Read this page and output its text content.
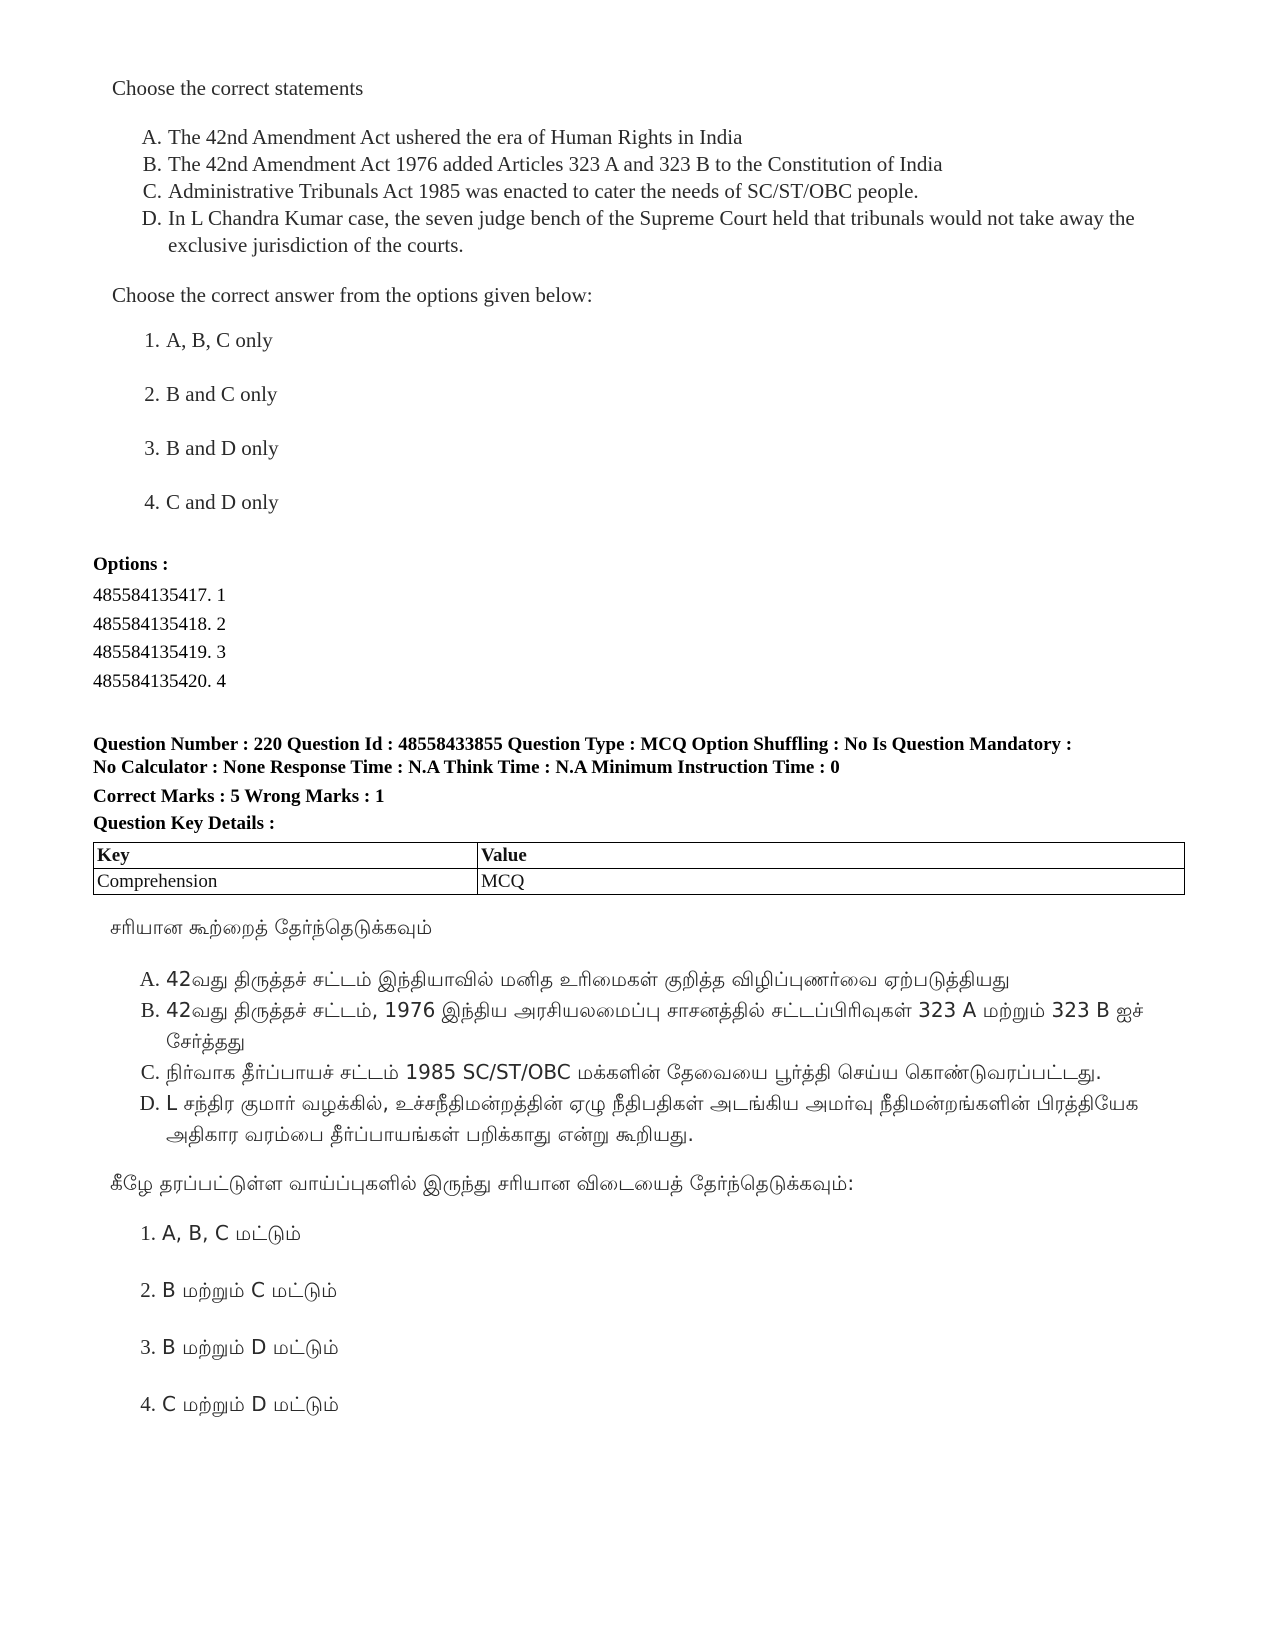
Choose the correct statements
A. The 42nd Amendment Act ushered the era of Human Rights in India
B. The 42nd Amendment Act 1976 added Articles 323 A and 323 B to the Constitution of India
C. Administrative Tribunals Act 1985 was enacted to cater the needs of SC/ST/OBC people.
D. In L Chandra Kumar case, the seven judge bench of the Supreme Court held that tribunals would not take away the exclusive jurisdiction of the courts.
Choose the correct answer from the options given below:
1. A, B, C only
2. B and C only
3. B and D only
4. C and D only
Options :
485584135417. 1
485584135418. 2
485584135419. 3
485584135420. 4
Question Number : 220 Question Id : 48558433855 Question Type : MCQ Option Shuffling : No Is Question Mandatory :
No Calculator : None Response Time : N.A Think Time : N.A Minimum Instruction Time : 0
Correct Marks : 5 Wrong Marks : 1
Question Key Details :
Key	Value
Comprehension	MCQ
சரியான கூற்றைத் தேர்ந்தெடுக்கவும்
A. 42வது திருத்தச் சட்டம் இந்தியாவில் மனித உரிமைகள் குறித்த விழிப்புணர்வை ஏற்படுத்தியது
B. 42வது திருத்தச் சட்டம், 1976 இந்திய அரசியலமைப்பு சாசனத்தில் சட்டப்பிரிவுகள் 323 A மற்றும் 323 B ஐச் சேர்த்தது
C. நிர்வாக தீர்ப்பாயச் சட்டம் 1985 SC/ST/OBC மக்களின் தேவையை பூர்த்தி செய்ய கொண்டுவரப்பட்டது.
D. L சந்திர குமார் வழக்கில், உச்சநீதிமன்றத்தின் ஏழு நீதிபதிகள் அடங்கிய அமர்வு நீதிமன்றங்களின் பிரத்தியேக அதிகார வரம்பை தீர்ப்பாயங்கள் பறிக்காது என்று கூறியது.
கீழே தரப்பட்டுள்ள வாய்ப்புகளில் இருந்து சரியான விடையைத் தேர்ந்தெடுக்கவும்:
1. A, B, C மட்டும்
2. B மற்றும் C மட்டும்
3. B மற்றும் D மட்டும்
4. C மற்றும் D மட்டும்
